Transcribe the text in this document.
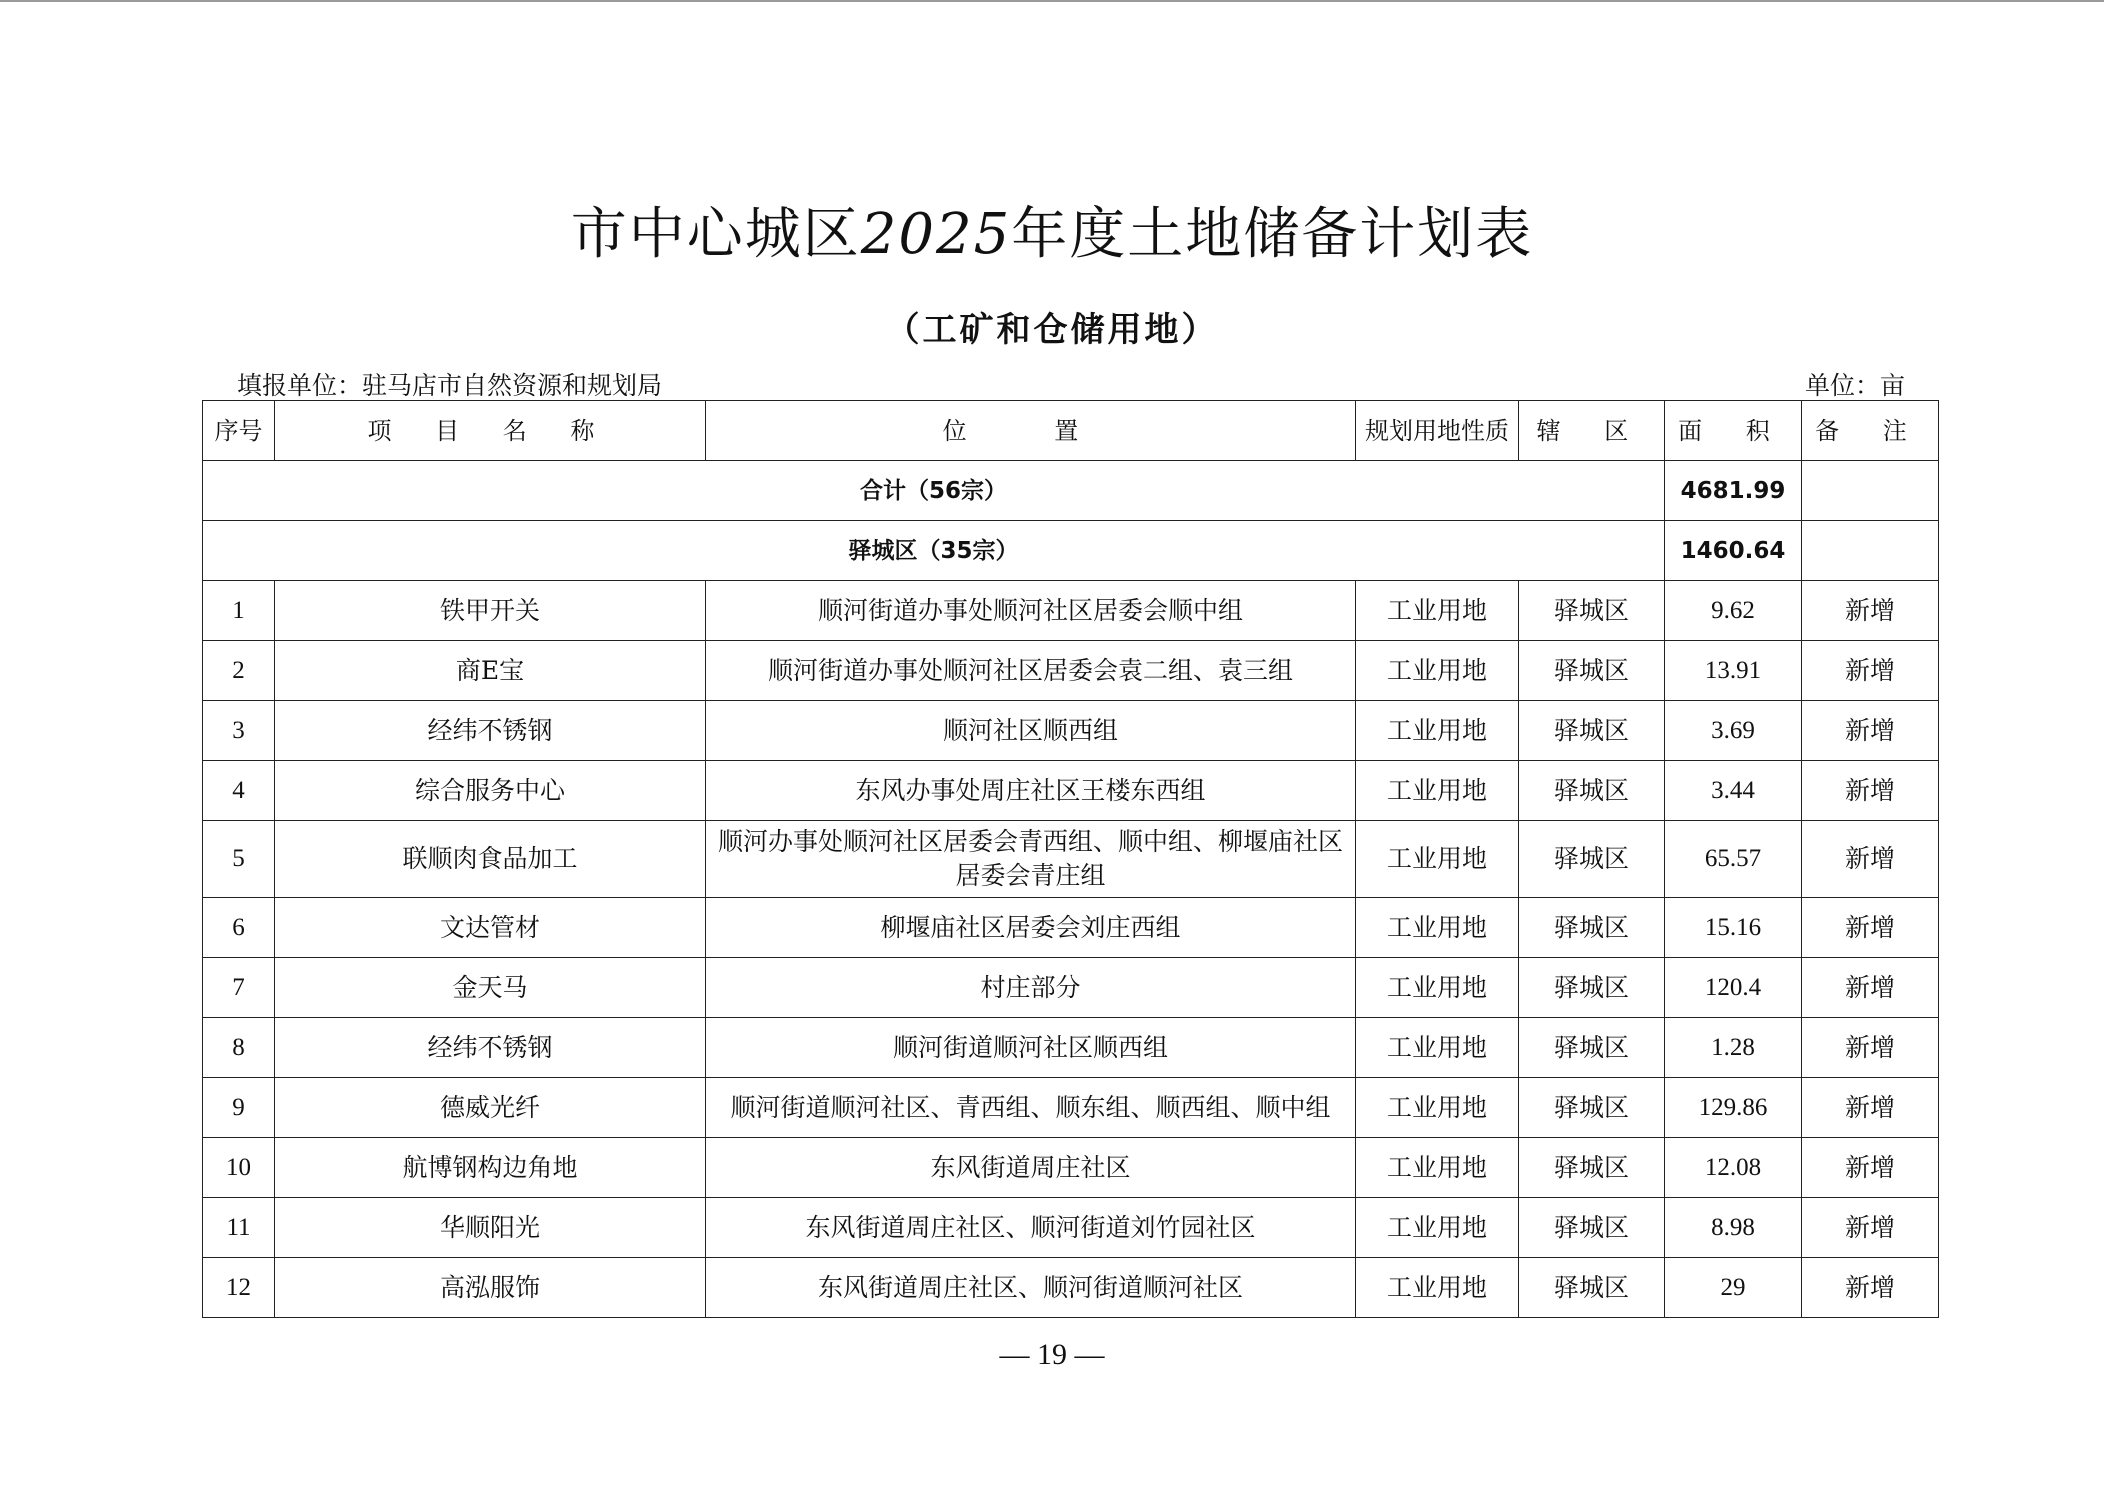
市中心城区2025年度土地储备计划表
（工矿和仓储用地）
填报单位：驻马店市自然资源和规划局	单位：亩
序号	项 目 名 称	位 置	规划用地性质	辖 区	面 积	备 注
合计（56宗）					4681.99	
驿城区（35宗）					1460.64	
1	铁甲开关	顺河街道办事处顺河社区居委会顺中组	工业用地	驿城区	9.62	新增
2	商E宝	顺河街道办事处顺河社区居委会袁二组、袁三组	工业用地	驿城区	13.91	新增
3	经纬不锈钢	顺河社区顺西组	工业用地	驿城区	3.69	新增
4	综合服务中心	东风办事处周庄社区王楼东西组	工业用地	驿城区	3.44	新增
5	联顺肉食品加工	顺河办事处顺河社区居委会青西组、顺中组、柳堰庙社区居委会青庄组	工业用地	驿城区	65.57	新增
6	文达管材	柳堰庙社区居委会刘庄西组	工业用地	驿城区	15.16	新增
7	金天马	村庄部分	工业用地	驿城区	120.4	新增
8	经纬不锈钢	顺河街道顺河社区顺西组	工业用地	驿城区	1.28	新增
9	德威光纤	顺河街道顺河社区、青西组、顺东组、顺西组、顺中组	工业用地	驿城区	129.86	新增
10	航博钢构边角地	东风街道周庄社区	工业用地	驿城区	12.08	新增
11	华顺阳光	东风街道周庄社区、顺河街道刘竹园社区	工业用地	驿城区	8.98	新增
12	高泓服饰	东风街道周庄社区、顺河街道顺河社区	工业用地	驿城区	29	新增
— 19 —
